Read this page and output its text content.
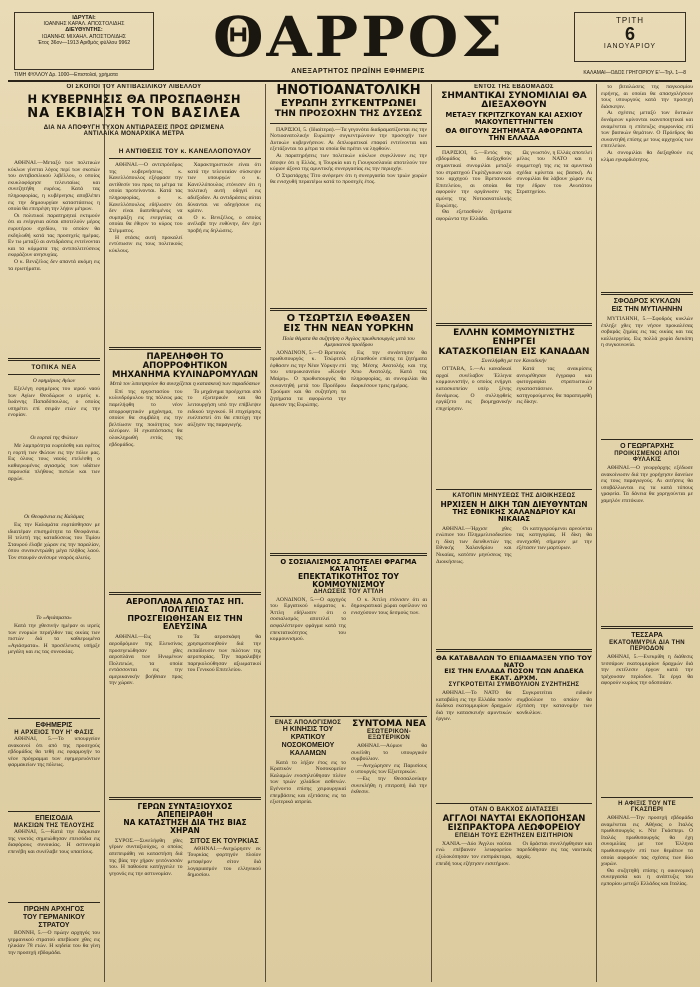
ΙΔΡΥΤΑΙ:
ΙΩΑΝΝΗΣ ΚΑΡΑΛ. ΑΠΟΣΤΟΛΙΔΗΣ
ΔΙΕΥΘΥΝΤΗΣ:
ΙΩΑΝΝΗΣ ΜΙΧΑΗΛ. ΑΠΟΣΤΟΛΙΔΗΣ
Έτος 36ον—1913 Αριθμός φύλλου 9962
ΤΙΜΗ ΦΥΛΛΟΥ Δρ. 1000—Επιστολαί, χρήματα
ΘΑΡΡΟΣ
ΑΝΕΞΑΡΤΗΤΟΣ ΠΡΩΪΝΗ ΕΦΗΜΕΡΙΣ
ΤΡΙΤΗ
6
ΙΑΝΟΥΑΡΙΟΥ
ΚΑΛΑΜΑΙ—ΟΔΟΣ ΓΡΗΓΟΡΙΟΥ Ε'—Τηλ. 1—8
ΟΙ ΣΚΟΠΟΙ ΤΟΥ ΑΝΤΙΒΑΣΙΛΙΚΟΥ ΛΙΒΕΛΛΟΥ
Η ΚΥΒΕΡΝΗΣΙΣ ΘΑ ΠΡΟΣΠΑΘΗΣΗ
ΝΑ ΕΚΒΙΑΣΗ ΤΟΝ ΒΑΣΙΛΕΑ
ΔΙΑ ΝΑ ΑΠΟΦΥΓΗ ΤΥΧΟΝ ΑΝΤΙΔΡΑΣΕΙΣ ΠΡΟΣ ΩΡΙΣΜΕΝΑ
ΑΝΤΙΛΑΪΚΑ ΜΟΝΑΡΧΙΚΑ ΜΕΤΡΑ

ΑΘΗΝΑΙ.—Μεταξύ των πολιτικών κύκλων γίνεται λόγος περί των σκοπών του αντιβασιλικού λιβέλλου, ο οποίος εκυκλοφόρησε τελευταίως και συνεζητήθη ευρέως. Κατά τας πληροφορίας, η κυβέρνησις αποβλέπει εις την δημιουργίαν καταστάσεως η οποία θα επιτρέψη την λήψιν μέτρων.

Οι πολιτικοί παρατηρηταί εκτιμούν ότι αι ενέργειαι αύται αποτελούν μέρος ευρυτέρου σχεδίου, το οποίον θα εκδηλωθή κατά τας προσεχείς ημέρας. Εν τω μεταξύ αι αντιδράσεις εντείνονται και τα κόμματα της αντιπολιτεύσεως εκφράζουν ανησυχίας.

Ο κ. Βενιζέλος δεν απαντά ακόμη εις τα ερωτήματα.

ΤΟΠΙΚΑ ΝΕΑ
Ο εφημέριος Αγίων

Εξελέγη εφημέριος του ιερού ναού των Αγίων Θεοδώρων ο ιερεύς κ. Ιωάννης Παπαδόπουλος, ο οποίος υπηρέτει επί σειράν ετών εις την ενορίαν.

Οι εορταί της Φώτων

Με λαμπρότητα εωρτάσθη και εφέτος η εορτή των Φώτων εις την πόλιν μας. Εις όλους τους ναούς ετελέσθη ο καθιερωμένος αγιασμός των υδάτων παρουσία πλήθους πιστών και των αρχών.

Οι Θεοφάνεια εις Καλάμας

Εις την Καλαμάτα εορτάσθησαν με ιδιαιτέραν επισημότητα τα Θεοφάνεια. Η τελετή της καταδύσεως του Τιμίου Σταυρού έλαβε χώραν εις την παραλίαν, όπου συνεκεντρώθη μέγα πλήθος λαού. Τον σταυρόν ανέσυρε νεαρός αλιεύς.

Το «Αγιάσματα»

Κατά την χθεσινήν ημέραν οι ιερείς των ενοριών περιήλθον τας οικίας των πιστών διά τα καθιερωμένα «Αγιάσματα». Η προσέλευσις υπήρξε μεγάλη και εις τας συνοικίας.

ΕΦΗΜΕΡΙΣ
Η ΑΡΧΕΙΟΣ ΤΟΥ Η' ΦΑΣΙΣ

ΑΘΗΝΑΙ, 5.—Το υπουργείον ανακοινοί ότι από της προσεχούς εβδομάδος θα τεθή εις εφαρμογήν το νέον πρόγραμμα των εφημερευόντων φαρμακείων της πόλεως.

ΕΠΕΙΣΟΔΙΑ
ΜΑΚΣΙΩΝ ΤΗΣ ΤΕΛΟΥΣΗΣ

ΑΘΗΝΑΙ, 5.—Κατά την διάρκειαν της νυκτός σημειώθησαν επεισόδια εις διαφόρους συνοικίας. Η αστυνομία επενέβη και συνέλαβε τους υπαιτίους.

ΠΡΩΗΝ ΑΡΧΗΓΟΣ
ΤΟΥ ΓΕΡΜΑΝΙΚΟΥ ΣΤΡΑΤΟΥ

ΒΟΝΝΗ, 5.—Ο πρώην αρχηγός του γερμανικού στρατού απεβίωσε χθες εις ηλικίαν 78 ετών. Η κηδεία του θα γίνη την προσεχή εβδομάδα.

Η ΑΝΤΙΘΕΣΙΣ ΤΟΥ κ. ΚΑΝΕΛΛΟΠΟΥΛΟΥ

ΑΘΗΝΑΙ.—Ο αντιπρόεδρος της κυβερνήσεως κ. Κανελλόπουλος εξέφρασε την αντίθεσίν του προς τα μέτρα τα οποία προτείνονται. Κατά τας πληροφορίας, ο κ. Κανελλόπουλος εδήλωσεν ότι δεν είναι διατεθειμένος να συμπράξη εις ενεργείας αι οποίαι θα έθιγον το κύρος του Στέμματος.

Η στάσις αυτή προκαλεί εντύπωσιν εις τους πολιτικούς κύκλους.

Χαρακτηριστικόν είναι ότι κατά την τελευταίαν σύσκεψιν των υπουργών ο κ. Κανελλόπουλος ετόνισεν ότι η πολιτική αυτή οδηγεί εις αδιέξοδον. Αι αντιδράσεις αύται δύνανται να οδηγήσουν εις κρίσιν.

Ο κ. Βενιζέλος, ο οποίος ανέλαβε την ευθύνην, δεν έχει προβή εις δηλώσεις.

ΠΑΡΕΛΗΦΘΗ ΤΟ ΑΠΟΡΡΟΦΗΤΙΚΟΝ
ΜΗΧΑΝΗΜΑ ΚΥΛΙΝΔΡΟΜΥΛΩΝ
Μετά τον λιποτρηνίον θα συνεχίζεται η κατασκευή των παραδόσεων

Επί της εργοστασίου του κυλινδρόμυλου της πόλεως μας παρελήφθη το νέον απορροφητικόν μηχάνημα, το οποίον θα συμβάλη εις την βελτίωσιν της ποιότητος των αλεύρων. Η εγκατάστασις θα ολοκληρωθή εντός της εβδομάδος.

Το μηχάνημα προέρχεται από το εξωτερικόν και θα λειτουργήση υπό την επίβλεψιν ειδικού τεχνικού. Η επιχείρησις ευελπιστεί ότι θα επιτύχη την αύξησιν της παραγωγής.

ΑΕΡΟΠΛΑΝΑ ΑΠΟ ΤΑΣ ΗΠ. ΠΟΛΙΤΕΙΑΣ
ΠΡΟΣΓΕΙΩΘΗΣΑΝ ΕΙΣ ΤΗΝ ΕΛΕΥΣΙΝΑ

ΑΘΗΝΑΙ.—Εις το αεροδρόμιον της Ελευσίνος προσεγειώθησαν χθες αεροπλάνα των Ηνωμένων Πολιτειών, τα οποία εντάσσονται εις την αμερικανικήν βοήθειαν προς την χώραν.

Τα αεροσκάφη θα χρησιμοποιηθούν διά την εκπαίδευσιν των πιλότων της αεροπορίας. Την παραλαβήν παρηκολούθησαν αξιωματικοί του Γενικού Επιτελείου.

ΓΕΡΩΝ ΣΥΝΤΑΞΙΟΥΧΟΣ ΑΠΕΠΕΙΡΑΘΗ
ΝΑ ΚΑΤΑΣΤΗΣΗ ΔΙΑ ΤΗΣ ΒΙΑΣ ΧΗΡΑΝ

ΣΥΡΟΣ.—Συνελήφθη χθες γέρων συνταξιούχος, ο οποίος απεπειράθη να καταστήση διά της βίας την χήραν γειτόνισσάν του. Η παθούσα κατήγγειλε το γεγονός εις την αστυνομίαν.

ΣΙΤΟΣ ΕΚ ΤΟΥΡΚΙΑΣ

ΑΘΗΝΑΙ.—Ανεχώρησεν εκ Τουρκίας φορτηγόν πλοίον μεταφέρον σίτον διά λογαριασμόν του ελληνικού δημοσίου.

ΗΝΟΤΙΟΑΝΑΤΟΛΙΚΗ
ΕΥΡΩΠΗ ΣΥΓΚΕΝΤΡΩΝΕΙ
ΤΗΝ ΠΡΟΣΟΧΗΝ ΤΗΣ ΔΥΣΕΩΣ

ΠΑΡΙΣΙΟΙ, 5. (Ιδιαίτερα).—Τα γεγονότα διαδραματίζονται εις την Νοτιοανατολικήν Ευρώπην συγκεντρώνουν την προσοχήν των Δυτικών κυβερνήσεων. Αι διπλωματικαί επαφαί εντείνονται και εξετάζονται τα μέτρα τα οποία θα πρέπει να ληφθούν.

Αι παρατηρήσεις των πολιτικών κύκλων συγκλίνουν εις την άποψιν ότι η Ελλάς, η Τουρκία και η Γιουγκοσλαυία αποτελούν τον κύριον άξονα της αμυντικής συνεργασίας εις την περιοχήν.

Ο Στρατάρχης Τίτο ανέφερεν ότι η συνεργασία των τριών χωρών θα ενισχυθή περαιτέρω κατά το προσεχές έτος.

Ο ΤΣΩΡΤΣΙΛ ΕΦΘΑΣΕΝ
ΕΙΣ ΤΗΝ ΝΕΑΝ ΥΟΡΚΗΝ
Ποία θέματα θα συζητήση ο Άγγλος πρωθυπουργός μετά του Αμερικανού προέδρου

ΛΟΝΔΙΝΟΝ, 5.—Ο Βρετανός πρωθυπουργός κ. Τσώρτσιλ έφθασεν εις την Νέαν Υόρκην επί του υπερωκεανείου «Κουήν Μαίρη». Ο πρωθυπουργός θα συναντηθή μετά του Προέδρου Τρούμαν και θα συζητήση τα ζητήματα τα αφορώντα την άμυναν της Ευρώπης.

Εις την συνάντησιν θα εξετασθούν επίσης τα ζητήματα της Μέσης Ανατολής και της Άπω Ανατολής. Κατά τας πληροφορίας, αι συνομιλίαι θα διαρκέσουν τρεις ημέρας.

Ο ΣΟΣΙΑΛΙΣΜΟΣ ΑΠΟΤΕΛΕΙ ΦΡΑΓΜΑ ΚΑΤΑ ΤΗΣ
ΕΠΕΚΤΑΤΙΚΟΤΗΤΟΣ ΤΟΥ ΚΟΜΜΟΥΝΙΣΜΟΥ
ΔΗΛΩΣΕΙΣ ΤΟΥ ΑΤΤΛΗ

ΛΟΝΔΙΝΟΝ, 5.—Ο αρχηγός του Εργατικού κόμματος κ. Άττλη εδήλωσεν ότι ο σοσιαλισμός αποτελεί το ασφαλέστερον φράγμα κατά της επεκτατικότητος του κομμουνισμού.

Ο κ. Άττλη ετόνισεν ότι αι δημοκρατικαί χώραι οφείλουν να ενισχύσουν τους δεσμούς των.

ΕΝΑΣ ΑΠΟΛΟΓΙΣΜΟΣ
Η ΚΙΝΗΣΙΣ ΤΟΥ ΚΡΑΤΙΚΟΥ
ΝΟΣΟΚΟΜΕΙΟΥ ΚΑΛΑΜΩΝ

Κατά το λήξαν έτος εις το Κρατικόν Νοσοκομείον Καλαμών ενοσηλεύθησαν πλέον των τριών χιλιάδων ασθενών. Εγένοντο επίσης χειρουργικαί επεμβάσεις και εξετάσεις εις τα εξωτερικά ιατρεία.

ΣΥΝΤΟΜΑ ΝΕΑ
ΕΣΩΤΕΡΙΚΟΝ-ΕΞΩΤΕΡΙΚΟΝ

ΑΘΗΝΑΙ.—Αύριον θα συνέλθη το υπουργικόν συμβούλιον.

—Ανεχώρησεν εις Παρισίους ο υπουργός των Εξωτερικών.

—Εις την Θεσσαλονίκην συνεκλήθη η επιτροπή διά την έκθεσιν.

ΕΝΤΟΣ ΤΗΣ ΕΒΔΟΜΑΔΟΣ
ΣΗΜΑΝΤΙΚΑΙ ΣΥΝΟΜΙΛΙΑΙ ΘΑ ΔΙΕΞΑΧΘΟΥΝ
ΜΕΤΑΞΥ ΓΚΡΙΤΖΓΚΟΥΑΝ ΚΑΙ ΑΣΧΙΟΥ ΜΑΚΟΥΠΕΤΤΗΝΓΤΕΝ
ΘΑ ΘΙΓΟΥΝ ΖΗΤΗΜΑΤΑ ΑΦΟΡΩΝΤΑ ΤΗΝ ΕΛΛΑΔΑ

ΠΑΡΙΣΙΟΙ, 5.—Εντός της εβδομάδος θα διεξαχθούν σημαντικαί συνομιλίαι μεταξύ του στρατηγού Γκρίτζγκουαν και του αρχηγού του Βρετανικού Επιτελείου, αι οποίαι θα αφορούν την οργάνωσιν της αμύνης της Νοτιοανατολικής Ευρώπης.

Θα εξετασθούν ζητήματα αφορώντα την Ελλάδα.

Ως γνωστόν, η Ελλάς αποτελεί μέλος του ΝΑΤΟ και η συμμετοχή της εις τα αμυντικά σχέδια κρίνεται ως βασική. Αι συνομιλίαι θα λάβουν χώραν εις την έδραν του Ανωτάτου Στρατηγείου.

ΕΛΛΗΝ ΚΟΜΜΟΥΝΙΣΤΗΣ ΕΝΗΡΓΕΙ
ΚΑΤΑΣΚΟΠΕΙΑΝ ΕΙΣ ΚΑΝΑΔΑΝ
Συνελήφθη με τον Καναδικήν

ΟΤΤΑΒΑ, 5.—Αι καναδικαί αρχαί συνέλαβον Έλληνα κομμουνιστήν, ο οποίος ενήργει κατασκοπείαν υπέρ ξένης δυνάμεως. Ο συλληφθείς εργάζετο εις βιομηχανικήν επιχείρησιν.

Κατά τας ανακρίσεις ανευρέθησαν έγγραφα και φωτογραφίαι στρατιωτικών εγκαταστάσεων. Ο κατηγορούμενος θα παραπεμφθή εις δίκην.

ΚΑΤΟΠΙΝ ΜΗΝΥΣΕΩΣ ΤΗΣ ΔΙΟΙΚΗΣΕΩΣ
ΗΡΧΙΣΕΝ Η ΔΙΚΗ ΤΩΝ ΔΙΕΥΘΥΝΤΩΝ
ΤΗΣ ΕΘΝΙΚΗΣ ΧΑΛΑΝΔΡΙΟΥ ΚΑΙ ΝΙΚΑΙΑΣ

ΑΘΗΝΑΙ.—Ήρχισε χθες ενώπιον του Πλημμελειοδικείου η δίκη των διευθυντών της Εθνικής Χαλανδρίου και Νικαίας, κατόπιν μηνύσεως της Διοικήσεως.

Οι κατηγορούμενοι αρνούνται τας κατηγορίας. Η δίκη θα συνεχισθή σήμερον με την εξέτασιν των μαρτύρων.

ΘΑ ΚΑΤΑΒΑΛΩΝ ΤΟ ΕΠΙΔΑΜΑΞΕΝ ΥΠΟ ΤΟΥ ΝΑΤΟ
ΕΙΣ ΤΗΝ ΕΛΛΑΔΑ ΠΟΣΟΝ ΤΩΝ ΑΩΔΕΚΑ ΕΚΑΤ. ΔΡΧΜ.
ΣΥΓΚΡΟΤΕΙΤΑΙ ΣΥΜΒΟΥΛΙΟΝ ΣΥΖΗΤΗΣΗΣ

ΑΘΗΝΑΙ.—Το ΝΑΤΟ θα καταβάλη εις την Ελλάδα ποσόν δώδεκα εκατομμυρίων δραχμών διά την κατασκευήν αμυντικών έργων.

Συγκροτείται ειδικόν συμβούλιον το οποίον θα εξετάση την κατανομήν των κονδυλίων.

ΟΤΑΝ Ο ΒΑΚΧΟΣ ΔΙΑΤΑΣΣΕΙ
ΑΓΓΛΟΙ ΝΑΥΤΑΙ ΕΚΛΟΠΟΗΣΑΝ
ΕΙΣΠΡΑΚΤΟΡΑ ΛΕΩΦΟΡΕΙΟΥ
ΕΠΕΙΔΗ ΤΟΥΣ ΕΖΗΤΗΣΕΝ ΕΙΣΙΤΗΡΙΟΝ

ΧΑΝΙΑ.—Δύο Άγγλοι ναύται ενώ επέβαινον λεωφορείου εξυλοκόπησαν τον εισπράκτορα, επειδή τους εζήτησεν εισιτήριον.

Οι δράσται συνελήφθησαν και παρεδόθησαν εις τας ναυτικάς αρχάς.

το βιταλώσεις της παγκοσμίου ειρήνης, αι οποίαι θα απασχολήσουν τους υπουργούς κατά την προσεχή διάσκεψιν.

Αι σχέσεις μεταξύ των δυτικών δυνάμεων κρίνονται ικανοποιητικαί και αναμένεται η επίτευξις συμφωνίας επί των βασικών θεμάτων. Ο Πρόεδρος θα συναντηθή επίσης με τους αρχηγούς των επιτελείων.

Αι συνομιλίαι θα διεξαχθούν εις κλίμα εγκαρδιότητος.

ΣΦΟΔΡΟΣ ΚΥΚΛΩΝ
ΕΙΣ ΤΗΝ ΜΥΤΙΛΗΝΗΝ

ΜΥΤΙΛΗΝΗ, 5.—Σφοδρός κυκλών έπληξε χθες την νήσον προκαλέσας σοβαράς ζημίας εις τας οικίας και τας καλλιεργείας. Εις πολλά χωρία διεκόπη η συγκοινωνία.

Ο ΓΕΩΡΓΑΡΧΗΣ
ΠΡΟΙΚΙΣΜΕΝΟΙ ΑΠΟΙ ΦΥΛΑΚΙΣ

ΑΘΗΝΑΙ.—Ο γεωργάρχης εξέδωσε ανακοίνωσιν διά την χορήγησιν δανείων εις τους παραγωγούς. Αι αιτήσεις θα υποβάλλωνται εις τα κατά τόπους γραφεία. Τα δάνεια θα χορηγούνται με χαμηλόν επιτόκιον.

ΤΕΣΣΑΡΑ
ΕΚΑΤΟΜΜΥΡΙΑ ΔΙΑ ΤΗΝ ΠΕΡΙΟΔΟΝ

ΑΘΗΝΑΙ, 5.—Ενεκρίθη η διάθεσις τεσσάρων εκατομμυρίων δραχμών διά την εκτέλεσιν έργων κατά την τρέχουσαν περίοδον. Τα έργα θα αφορούν κυρίως την οδοποιίαν.

Η ΑΦΙΞΙΣ ΤΟΥ ΝΤΕ ΓΚΑΣΠΕΡΙ

ΑΘΗΝΑΙ.—Την προσεχή εβδομάδα αναμένεται εις Αθήνας ο Ιταλός πρωθυπουργός κ. Ντε Γκάσπερι. Ο Ιταλός πρωθυπουργός θα έχη συνομιλίας με τον Έλληνα πρωθυπουργόν επί των θεμάτων τα οποία αφορούν τας σχέσεις των δύο χωρών.

Θα συζητηθή επίσης η οικονομική συνεργασία και η ανάπτυξις του εμπορίου μεταξύ Ελλάδος και Ιταλίας.
